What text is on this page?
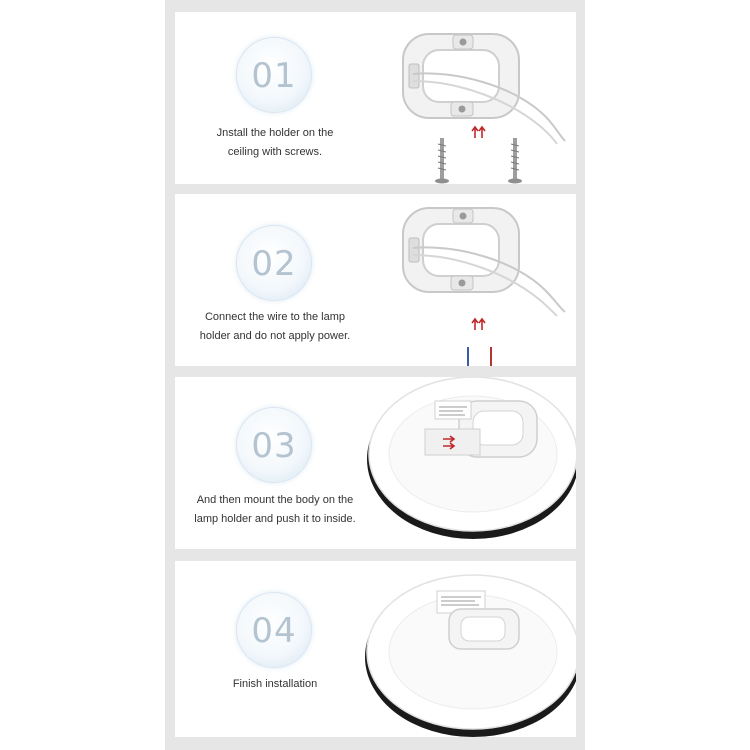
01
Jnstall the holder on the
ceiling with screws.
02
Connect the wire to the lamp
holder and do not apply power.
03
And then mount the body on the
lamp holder and push it to inside.
04
Finish installation
